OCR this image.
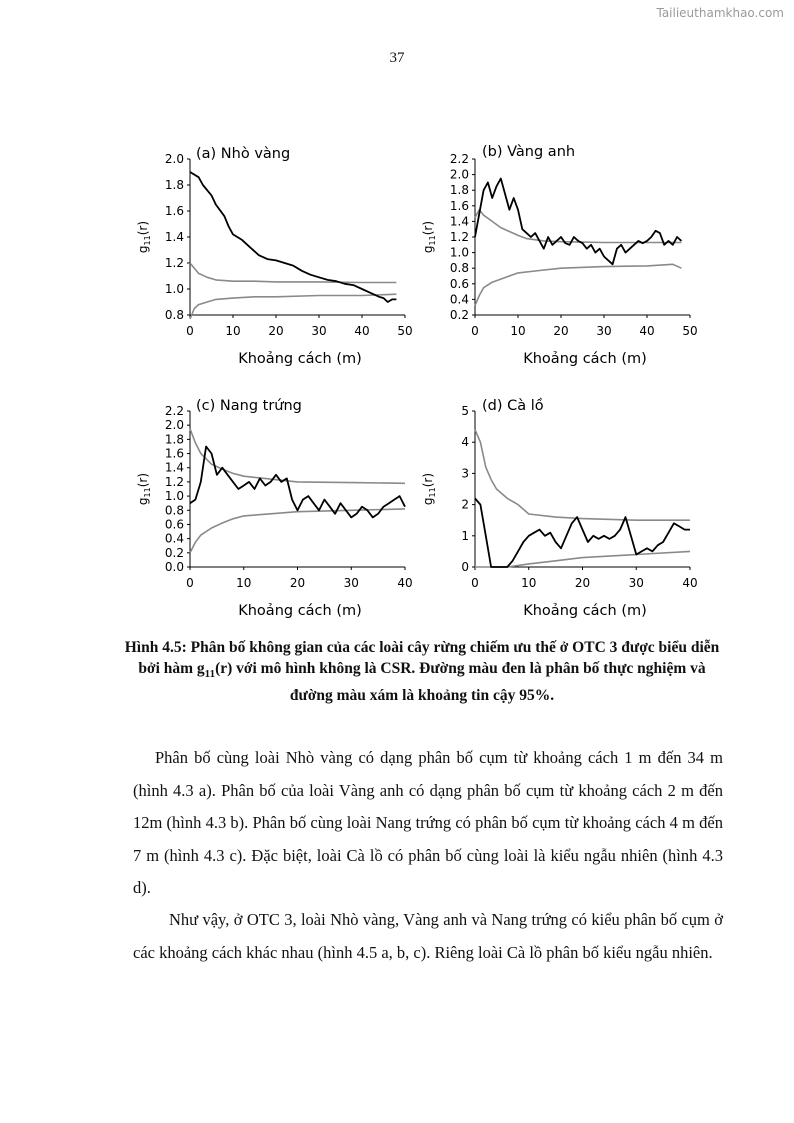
Tailieuthamkhao.com
37
0.8
1.0
1.2
1.4
1.6
1.8
2.0
0	10 20 30 40 50
(a) Nhò vàng
Khoảng cách (m)
$g_{11}(r)$
0.2
0.4
0.6
0.8
1.0
1.2
1.4
1.6
1.8
2.0
2.2
0	10 20 30 40 50
(b) Vàng anh
Khoảng cách (m)
$g_{11}(r)$
0.0
0.2
0.4
0.6
0.8
1.0
1.2
1.4
1.6
1.8
2.0
2.2
0	10	20	30	40
(c) Nang trứng
Khoảng cách (m)
$g_{11}(r)$
0
1
2
3
4
5
0	10	20	30	40
(d) Cà lồ
Khoảng cách (m)
$g_{11}(r)$
Hình 4.5: Phân bố không gian của các loài cây rừng chiếm ưu thế ở OTC 3 được biểu diễn bởi hàm $g_{11}(r)$ với mô hình không là CSR. Đường màu đen là phân bố thực nghiệm và đường màu xám là khoảng tin cậy 95%.

Phân bố cùng loài Nhò vàng có dạng phân bố cụm từ khoảng cách 1 m đến 34 m (hình 4.3 a). Phân bố của loài Vàng anh có dạng phân bố cụm từ khoảng cách 2 m đến 12m (hình 4.3 b). Phân bố cùng loài Nang trứng có phân bố cụm từ khoảng cách 4 m đến 7 m (hình 4.3 c). Đặc biệt, loài Cà lồ có phân bố cùng loài là kiểu ngẫu nhiên (hình 4.3 d).

Như vậy, ở OTC 3, loài Nhò vàng, Vàng anh và Nang trứng có kiểu phân bố cụm ở các khoảng cách khác nhau (hình 4.5 a, b, c). Riêng loài Cà lồ phân bố kiểu ngẫu nhiên.
